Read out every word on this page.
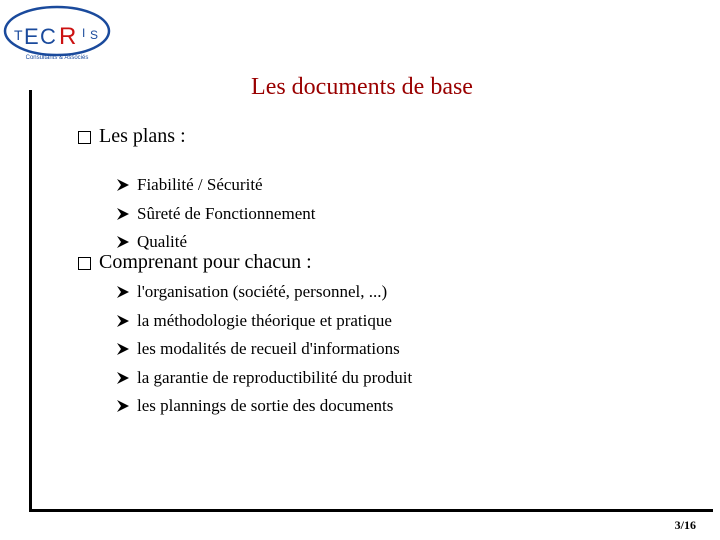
T E C R I S
Consultants & Associés
Les documents de base
Les plans :
Fiabilité / Sécurité
Sûreté de Fonctionnement
Qualité
Comprenant pour chacun :
l'organisation (société, personnel, ...)
la méthodologie théorique et pratique
les modalités de recueil d'informations
la garantie de reproductibilité du produit
les plannings de sortie des documents
3/16
